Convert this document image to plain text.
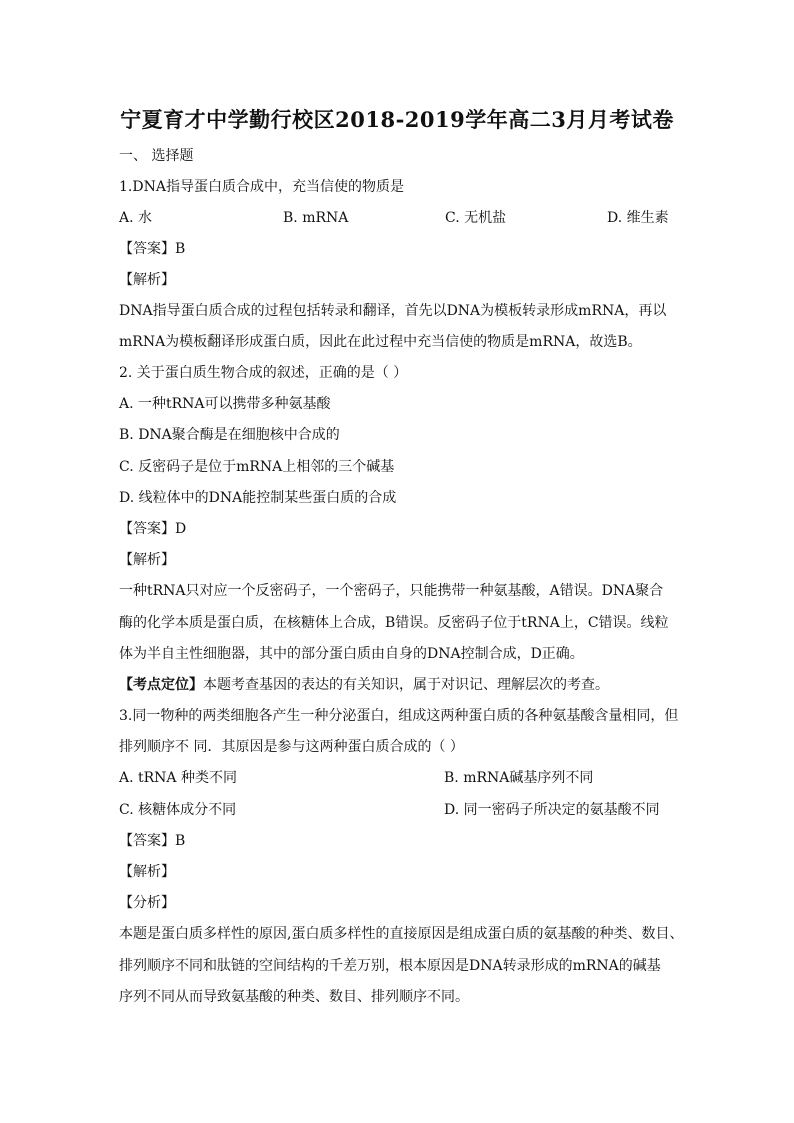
宁夏育才中学勤行校区2018-2019学年高二3月月考试卷
一、 选择题
1.DNA指导蛋白质合成中，充当信使的物质是
A. 水	B. mRNA	C. 无机盐	D. 维生素
【答案】B
【解析】
DNA指导蛋白质合成的过程包括转录和翻译，首先以DNA为模板转录形成mRNA，再以
mRNA为模板翻译形成蛋白质，因此在此过程中充当信使的物质是mRNA，故选B。
2. 关于蛋白质生物合成的叙述，正确的是（ ）
A. 一种tRNA可以携带多种氨基酸
B. DNA聚合酶是在细胞核中合成的
C. 反密码子是位于mRNA上相邻的三个碱基
D. 线粒体中的DNA能控制某些蛋白质的合成
【答案】D
【解析】
一种tRNA只对应一个反密码子，一个密码子，只能携带一种氨基酸，A错误。DNA聚合
酶的化学本质是蛋白质，在核糖体上合成，B错误。反密码子位于tRNA上，C错误。线粒
体为半自主性细胞器，其中的部分蛋白质由自身的DNA控制合成，D正确。
【考点定位】本题考查基因的表达的有关知识，属于对识记、理解层次的考查。
3.同一物种的两类细胞各产生一种分泌蛋白，组成这两种蛋白质的各种氨基酸含量相同，但
排列顺序不 同．其原因是参与这两种蛋白质合成的（ ）
A. tRNA 种类不同	B. mRNA碱基序列不同
C. 核糖体成分不同	D. 同一密码子所决定的氨基酸不同
【答案】B
【解析】
【分析】
本题是蛋白质多样性的原因,蛋白质多样性的直接原因是组成蛋白质的氨基酸的种类、数目、
排列顺序不同和肽链的空间结构的千差万别，根本原因是DNA转录形成的mRNA的碱基
序列不同从而导致氨基酸的种类、数目、排列顺序不同。
